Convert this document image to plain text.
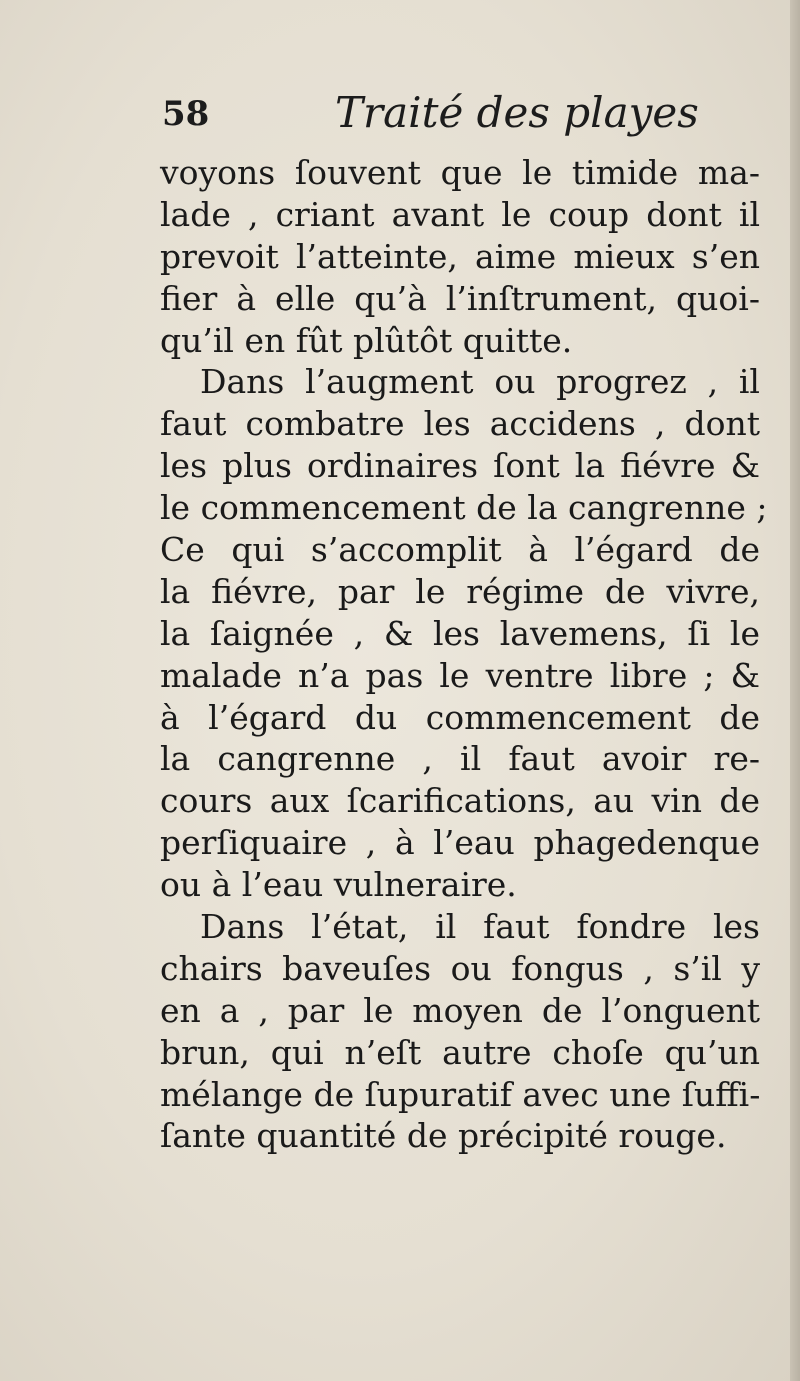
58	Traité des playes
voyons ſouvent que le timide ma-
lade , criant avant le coup dont il
prevoit l’atteinte, aime mieux s’en
fier à elle qu’à l’inſtrument, quoi-
qu’il en fût plûtôt quitte.
Dans l’augment ou progrez , il
faut combatre les accidens , dont
les plus ordinaires ſont la fiévre &
le commencement de la cangrenne ;
Ce qui s’accomplit à l’égard de
la fiévre, par le régime de vivre,
la ſaignée , & les lavemens, ſi le
malade n’a pas le ventre libre ; &
à l’égard du commencement de
la cangrenne , il faut avoir re-
cours aux ſcarifications, au vin de
perſiquaire , à l’eau phagedenque
ou à l’eau vulneraire.
Dans l’état, il faut fondre les
chairs baveuſes ou fongus , s’il y
en a , par le moyen de l’onguent
brun, qui n’eſt autre choſe qu’un
mélange de ſupuratif avec une ſuffi-
ſante quantité de précipité rouge.
